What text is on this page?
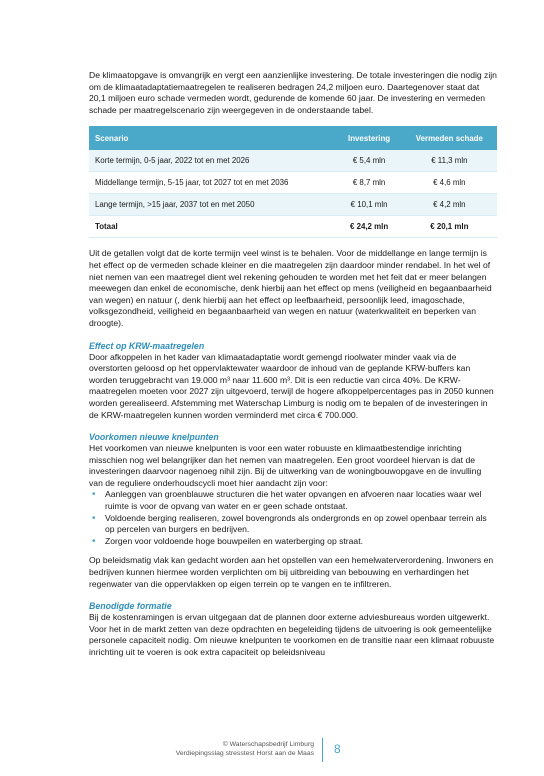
De klimaatopgave is omvangrijk en vergt een aanzienlijke investering. De totale investeringen die nodig zijn om de klimaatadaptatiemaatregelen te realiseren bedragen 24,2 miljoen euro. Daartegenover staat dat 20,1 miljoen euro schade vermeden wordt, gedurende de komende 60 jaar. De investering en vermeden schade per maatregelscenario zijn weergegeven in de onderstaande tabel.

Scenario	Investering	Vermeden schade
Korte termijn, 0-5 jaar, 2022 tot en met 2026	€ 5,4 mln	€ 11,3 mln
Middellange termijn, 5-15 jaar, tot 2027 tot en met 2036	€ 8,7 mln	€ 4,6 mln
Lange termijn, >15 jaar, 2037 tot en met 2050	€ 10,1 mln	€ 4,2 mln
Totaal	€ 24,2 mln	€ 20,1 mln

Uit de getallen volgt dat de korte termijn veel winst is te behalen. Voor de middellange en lange termijn is het effect op de vermeden schade kleiner en die maatregelen zijn daardoor minder rendabel. In het wel of niet nemen van een maatregel dient wel rekening gehouden te worden met het feit dat er meer belangen meewegen dan enkel de economische, denk hierbij aan het effect op mens (veiligheid en begaanbaarheid van wegen) en natuur (, denk hierbij aan het effect op leefbaarheid, persoonlijk leed, imagoschade, volksgezondheid, veiligheid en begaanbaarheid van wegen en natuur (waterkwaliteit en beperken van droogte).

Effect op KRW-maatregelen

Door afkoppelen in het kader van klimaatadaptatie wordt gemengd rioolwater minder vaak via de overstorten geloosd op het oppervlaktewater waardoor de inhoud van de geplande KRW-buffers kan worden teruggebracht van 19.000 m³ naar 11.600 m³. Dit is een reductie van circa 40%. De KRW-maatregelen moeten voor 2027 zijn uitgevoerd, terwijl de hogere afkoppelpercentages pas in 2050 kunnen worden gerealiseerd. Afstemming met Waterschap Limburg is nodig om te bepalen of de investeringen in de KRW-maatregelen kunnen worden verminderd met circa € 700.000.

Voorkomen nieuwe knelpunten

Het voorkomen van nieuwe knelpunten is voor een water robuuste en klimaatbestendige inrichting misschien nog wel belangrijker dan het nemen van maatregelen. Een groot voordeel hiervan is dat de investeringen daarvoor nagenoeg nihil zijn. Bij de uitwerking van de woningbouwopgave en de invulling van de reguliere onderhoudscycli moet hier aandacht zijn voor:

• Aanleggen van groenblauwe structuren die het water opvangen en afvoeren naar locaties waar wel ruimte is voor de opvang van water en er geen schade ontstaat.
• Voldoende berging realiseren, zowel bovengronds als ondergronds en op zowel openbaar terrein als op percelen van burgers en bedrijven.
• Zorgen voor voldoende hoge bouwpeilen en waterberging op straat.

Op beleidsmatig vlak kan gedacht worden aan het opstellen van een hemelwaterverordening. Inwoners en bedrijven kunnen hiermee worden verplichten om bij uitbreiding van bebouwing en verhardingen het regenwater van die oppervlakken op eigen terrein op te vangen en te infiltreren.

Benodigde formatie

Bij de kostenramingen is ervan uitgegaan dat de plannen door externe adviesbureaus worden uitgewerkt. Voor het in de markt zetten van deze opdrachten en begeleiding tijdens de uitvoering is ook gemeentelijke personele capaciteit nodig. Om nieuwe knelpunten te voorkomen en de transitie naar een klimaat robuuste inrichting uit te voeren is ook extra capaciteit op beleidsniveau

© Waterschapsbedrijf Limburg
Verdiepingsslag stresstest Horst aan de Maas 8
